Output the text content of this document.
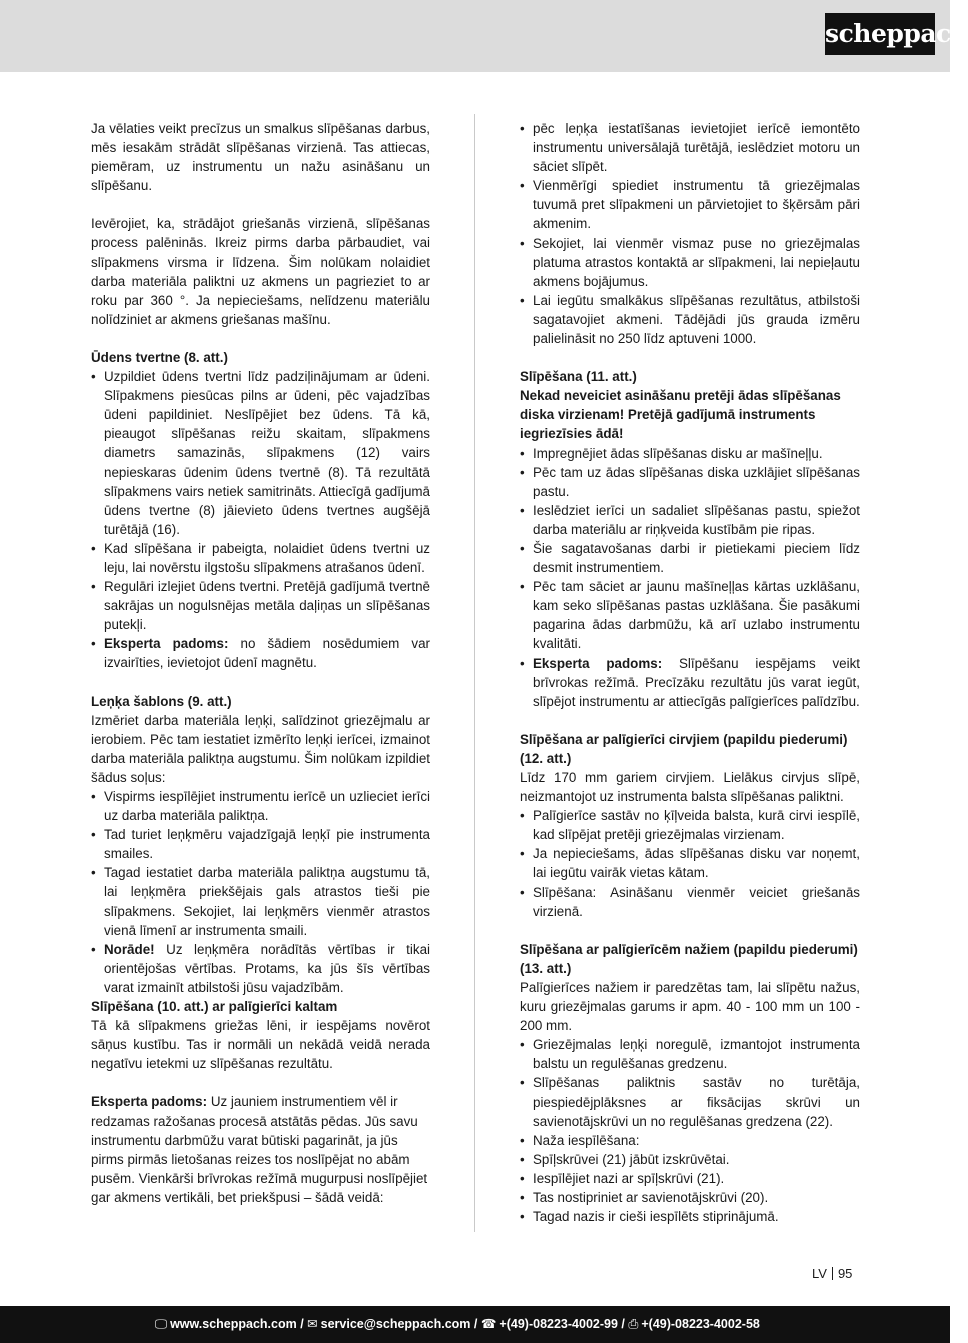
scheppach

Ja vēlaties veikt precīzus un smalkus slīpēšanas darbus, mēs iesakām strādāt slīpēšanas virzienā. Tas attiecas, piemēram, uz instrumentu un nažu asināšanu un slīpēšanu.

Ievērojiet, ka, strādājot griešanās virzienā, slīpēšanas process palēninās. Ikreiz pirms darba pārbaudiet, vai slīpakmens virsma ir līdzena. Šim nolūkam nolaidiet darba materiāla paliktni uz akmens un pagrieziet to ar roku par 360 °. Ja nepieciešams, nelīdzenu materiālu nolīdziniet ar akmens griešanas mašīnu.

Ūdens tvertne (8. att.)

• Uzpildiet ūdens tvertni līdz padziļinājumam ar ūdeni. Slīpakmens piesūcas pilns ar ūdeni, pēc vajadzības ūdeni papildiniet. Neslīpējiet bez ūdens. Tā kā, pieaugot slīpēšanas reižu skaitam, slīpakmens diametrs samazinās, slīpakmens (12) vairs nepieskaras ūdenim ūdens tvertnē (8). Tā rezultātā slīpakmens vairs netiek samitrināts. Attiecīgā gadījumā ūdens tvertne (8) jāievieto ūdens tvertnes augšējā turētājā (16).
• Kad slīpēšana ir pabeigta, nolaidiet ūdens tvertni uz leju, lai novērstu ilgstošu slīpakmens atrašanos ūdenī.
• Regulāri izlejiet ūdens tvertni. Pretējā gadījumā tvertnē sakrājas un nogulsnējas metāla daļiņas un slīpēšanas putekļi.
• Eksperta padoms: no šādiem nosēdumiem var izvairīties, ievietojot ūdenī magnētu.

Leņķa šablons (9. att.)

Izmēriet darba materiāla leņķi, salīdzinot griezējmalu ar ierobiem. Pēc tam iestatiet izmērīto leņķi ierīcei, izmainot darba materiāla paliktņa augstumu. Šim nolūkam izpildiet šādus soļus:

• Vispirms iespīlējiet instrumentu ierīcē un uzlieciet ierīci uz darba materiāla paliktņa.
• Tad turiet leņķmēru vajadzīgajā leņķī pie instrumenta smailes.
• Tagad iestatiet darba materiāla paliktņa augstumu tā, lai leņķmēra priekšējais gals atrastos tieši pie slīpakmens. Sekojiet, lai leņķmērs vienmēr atrastos vienā līmenī ar instrumenta smaili.
• Norāde! Uz leņķmēra norādītās vērtības ir tikai orientējošas vērtības. Protams, ka jūs šīs vērtības varat izmainīt atbilstoši jūsu vajadzībām.

Slīpēšana (10. att.) ar palīgierīci kaltam

Tā kā slīpakmens griežas lēni, ir iespējams novērot sāņus kustību. Tas ir normāli un nekādā veidā nerada negatīvu ietekmi uz slīpēšanas rezultātu.

Eksperta padoms: Uz jauniem instrumentiem vēl ir redzamas ražošanas procesā atstātās pēdas. Jūs savu instrumentu darbmūžu varat būtiski pagarināt, ja jūs pirms pirmās lietošanas reizes tos noslīpējat no abām pusēm. Vienkārši brīvrokas režīmā mugurpusi noslīpējiet gar akmens vertikāli, bet priekšpusi – šādā veidā:

• pēc leņķa iestatīšanas ievietojiet ierīcē iemontēto instrumentu universālajā turētājā, ieslēdziet motoru un sāciet slīpēt.
• Vienmērīgi spiediet instrumentu tā griezējmalas tuvumā pret slīpakmeni un pārvietojiet to šķērsām pāri akmenim.
• Sekojiet, lai vienmēr vismaz puse no griezējmalas platuma atrastos kontaktā ar slīpakmeni, lai nepieļautu akmens bojājumus.
• Lai iegūtu smalkākus slīpēšanas rezultātus, atbilstoši sagatavojiet akmeni. Tādējādi jūs grauda izmēru palielināsit no 250 līdz aptuveni 1000.

Slīpēšana (11. att.)

Nekad neveiciet asināšanu pretēji ādas slīpēšanas diska virzienam! Pretējā gadījumā instruments iegriezīsies ādā!

• Impregnējiet ādas slīpēšanas disku ar mašīneļļu.
• Pēc tam uz ādas slīpēšanas diska uzklājiet slīpēšanas pastu.
• Ieslēdziet ierīci un sadaliet slīpēšanas pastu, spiežot darba materiālu ar riņķveida kustībām pie ripas.
• Šie sagatavošanas darbi ir pietiekami pieciem līdz desmit instrumentiem.
• Pēc tam sāciet ar jaunu mašīneļļas kārtas uzklāšanu, kam seko slīpēšanas pastas uzklāšana. Šie pasākumi pagarina ādas darbmūžu, kā arī uzlabo instrumentu kvalitāti.
• Eksperta padoms: Slīpēšanu iespējams veikt brīvrokas režīmā. Precīzāku rezultātu jūs varat iegūt, slīpējot instrumentu ar attiecīgās palīgierīces palīdzību.

Slīpēšana ar palīgierīci cirvjiem (papildu piederumi) (12. att.)

Līdz 170 mm gariem cirvjiem. Lielākus cirvjus slīpē, neizmantojot uz instrumenta balsta slīpēšanas paliktni.

• Palīgierīce sastāv no ķīļveida balsta, kurā cirvi iespīlē, kad slīpējat pretēji griezējmalas virzienam.
• Ja nepieciešams, ādas slīpēšanas disku var noņemt, lai iegūtu vairāk vietas kātam.
• Slīpēšana: Asināšanu vienmēr veiciet griešanās virzienā.

Slīpēšana ar palīgierīcēm nažiem (papildu piederumi) (13. att.)

Palīgierīces nažiem ir paredzētas tam, lai slīpētu nažus, kuru griezējmalas garums ir apm. 40 - 100 mm un 100 - 200 mm.

• Griezējmalas leņķi noregulē, izmantojot instrumenta balstu un regulēšanas gredzenu.
• Slīpēšanas paliktnis sastāv no turētāja, piespiedējplāksnes ar fiksācijas skrūvi un savienotājskrūvi un no regulēšanas gredzena (22).
• Naža iespīlēšana:
• Spīļskrūvei (21) jābūt izskrūvētai.
• Iespīlējiet nazi ar spīļskrūvi (21).
• Tas nostipriniet ar savienotājskrūvi (20).
• Tagad nazis ir cieši iespīlēts stiprinājumā.
LV 95
🖵 www.scheppach.com / ✉ service@scheppach.com / ☎ +(49)-08223-4002-99 / ⎙ +(49)-08223-4002-58
